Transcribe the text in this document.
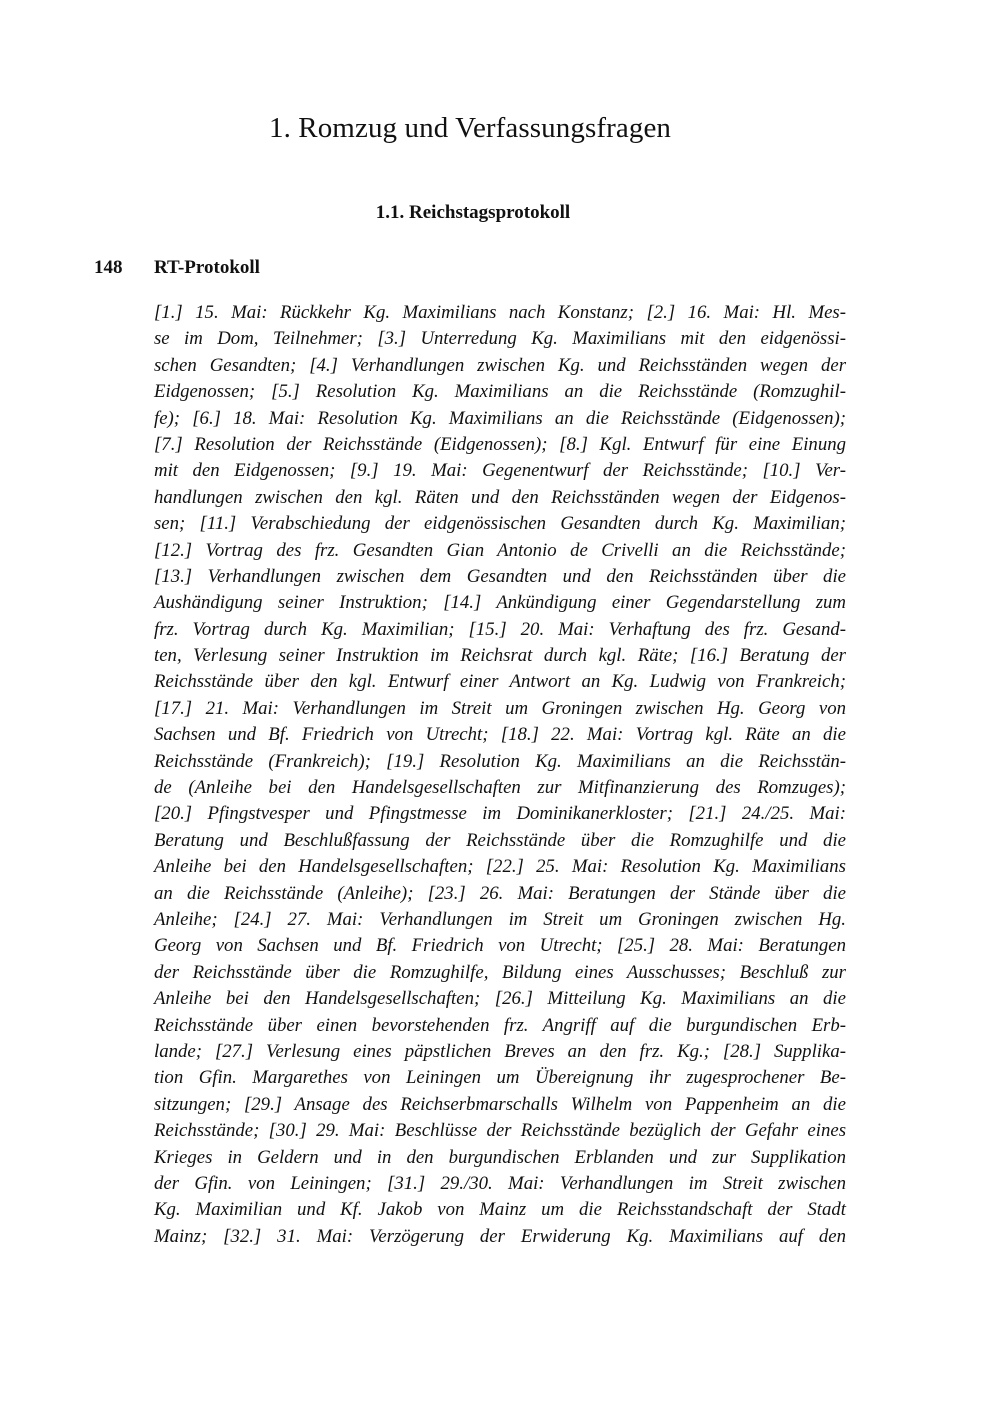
1. Romzug und Verfassungsfragen
1.1. Reichstagsprotokoll
148 RT-Protokoll
[1.] 15. Mai: Rückkehr Kg. Maximilians nach Konstanz; [2.] 16. Mai: Hl. Mes-
se im Dom, Teilnehmer; [3.] Unterredung Kg. Maximilians mit den eidgenössi-
schen Gesandten; [4.] Verhandlungen zwischen Kg. und Reichsständen wegen der
Eidgenossen; [5.] Resolution Kg. Maximilians an die Reichsstände (Romzughil-
fe); [6.] 18. Mai: Resolution Kg. Maximilians an die Reichsstände (Eidgenossen);
[7.] Resolution der Reichsstände (Eidgenossen); [8.] Kgl. Entwurf für eine Einung
mit den Eidgenossen; [9.] 19. Mai: Gegenentwurf der Reichsstände; [10.] Ver-
handlungen zwischen den kgl. Räten und den Reichsständen wegen der Eidgenos-
sen; [11.] Verabschiedung der eidgenössischen Gesandten durch Kg. Maximilian;
[12.] Vortrag des frz. Gesandten Gian Antonio de Crivelli an die Reichsstände;
[13.] Verhandlungen zwischen dem Gesandten und den Reichsständen über die
Aushändigung seiner Instruktion; [14.] Ankündigung einer Gegendarstellung zum
frz. Vortrag durch Kg. Maximilian; [15.] 20. Mai: Verhaftung des frz. Gesand-
ten, Verlesung seiner Instruktion im Reichsrat durch kgl. Räte; [16.] Beratung der
Reichsstände über den kgl. Entwurf einer Antwort an Kg. Ludwig von Frankreich;
[17.] 21. Mai: Verhandlungen im Streit um Groningen zwischen Hg. Georg von
Sachsen und Bf. Friedrich von Utrecht; [18.] 22. Mai: Vortrag kgl. Räte an die
Reichsstände (Frankreich); [19.] Resolution Kg. Maximilians an die Reichsstän-
de (Anleihe bei den Handelsgesellschaften zur Mitfinanzierung des Romzuges);
[20.] Pfingstvesper und Pfingstmesse im Dominikanerkloster; [21.] 24./25. Mai:
Beratung und Beschlußfassung der Reichsstände über die Romzughilfe und die
Anleihe bei den Handelsgesellschaften; [22.] 25. Mai: Resolution Kg. Maximilians
an die Reichsstände (Anleihe); [23.] 26. Mai: Beratungen der Stände über die
Anleihe; [24.] 27. Mai: Verhandlungen im Streit um Groningen zwischen Hg.
Georg von Sachsen und Bf. Friedrich von Utrecht; [25.] 28. Mai: Beratungen
der Reichsstände über die Romzughilfe, Bildung eines Ausschusses; Beschluß zur
Anleihe bei den Handelsgesellschaften; [26.] Mitteilung Kg. Maximilians an die
Reichsstände über einen bevorstehenden frz. Angriff auf die burgundischen Erb-
lande; [27.] Verlesung eines päpstlichen Breves an den frz. Kg.; [28.] Supplika-
tion Gfin. Margarethes von Leiningen um Übereignung ihr zugesprochener Be-
sitzungen; [29.] Ansage des Reichserbmarschalls Wilhelm von Pappenheim an die
Reichsstände; [30.] 29. Mai: Beschlüsse der Reichsstände bezüglich der Gefahr eines
Krieges in Geldern und in den burgundischen Erblanden und zur Supplikation
der Gfin. von Leiningen; [31.] 29./30. Mai: Verhandlungen im Streit zwischen
Kg. Maximilian und Kf. Jakob von Mainz um die Reichsstandschaft der Stadt
Mainz; [32.] 31. Mai: Verzögerung der Erwiderung Kg. Maximilians auf den
